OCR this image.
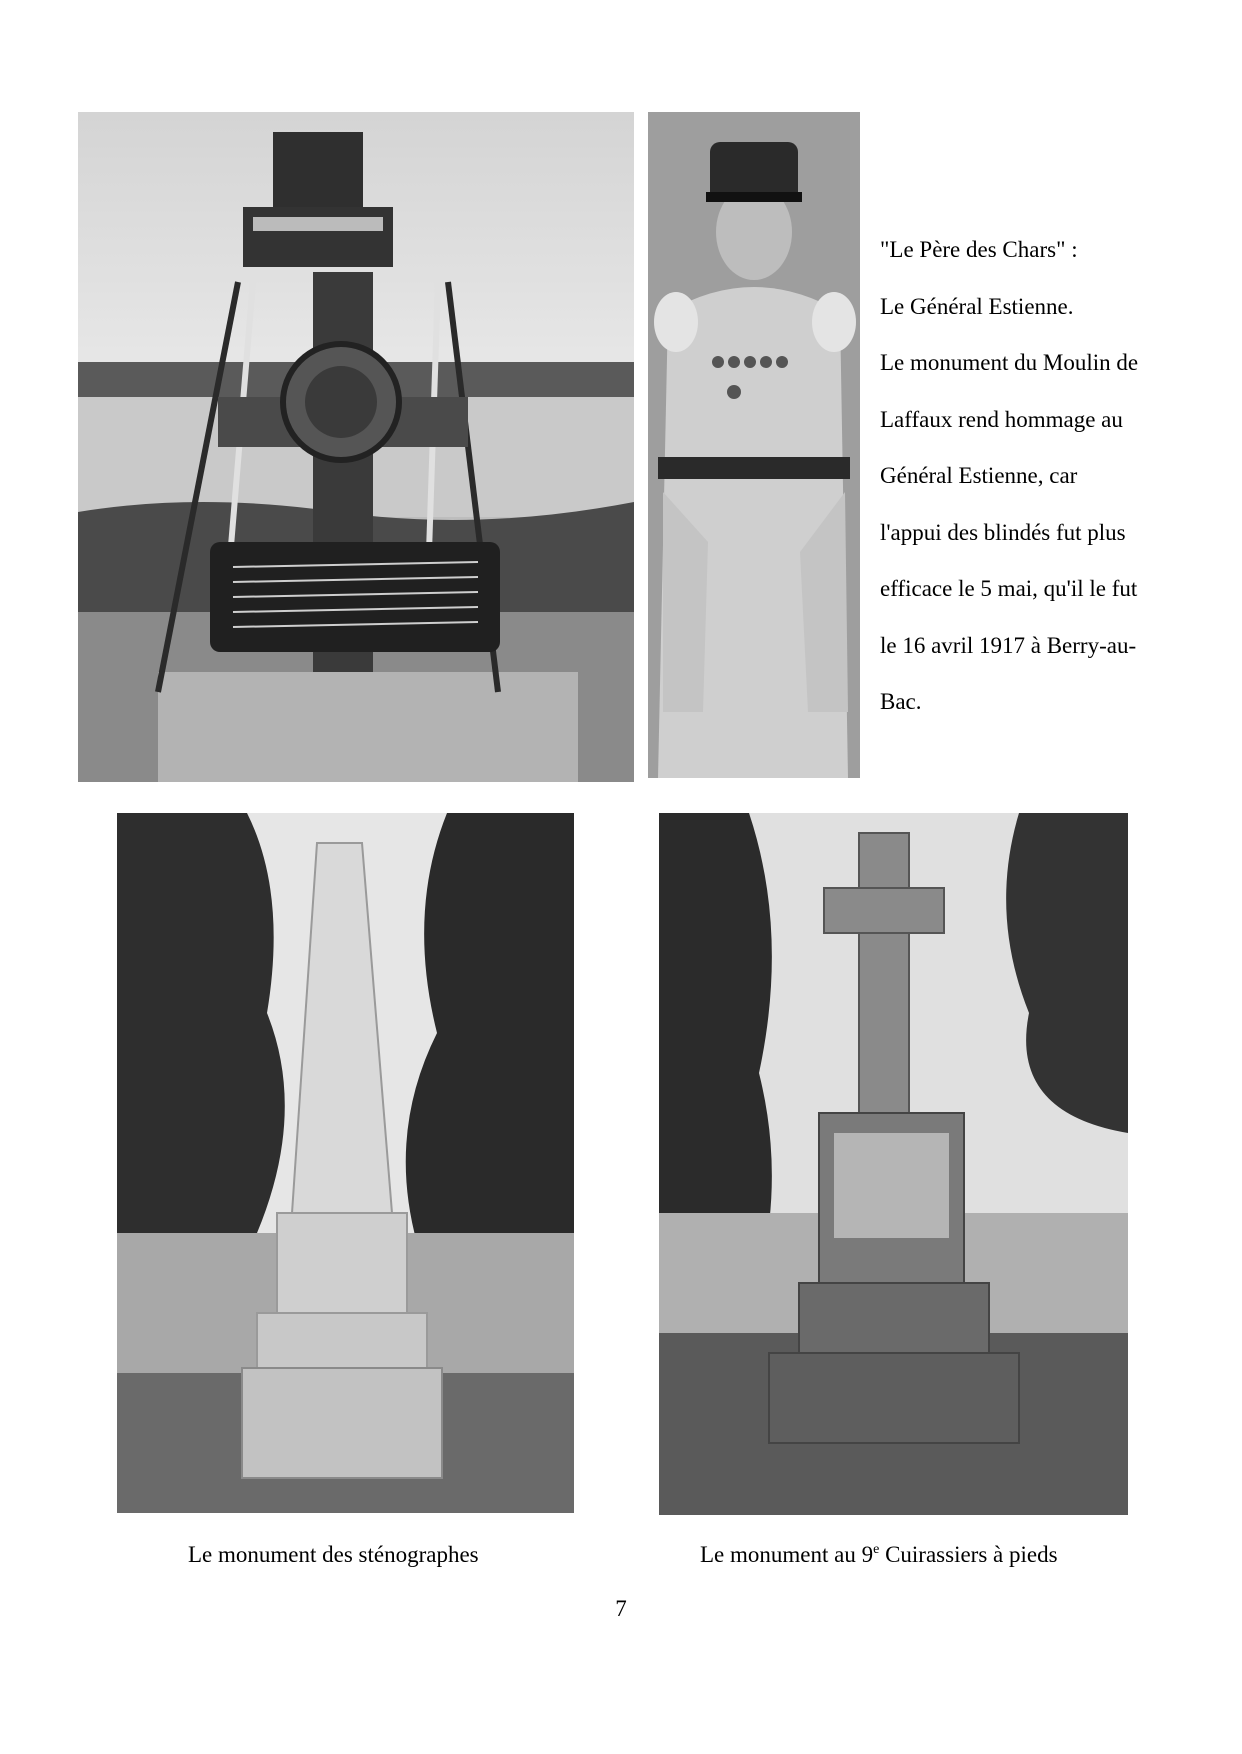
"Le Père des Chars" :

Le Général Estienne.

Le monument du Moulin de

Laffaux rend hommage au

Général Estienne, car

l'appui des blindés fut plus

efficace le 5 mai, qu'il le fut

le 16 avril 1917 à Berry-au-

Bac.

Le monument des sténographes	Le monument au 9e Cuirassiers à pieds
7
